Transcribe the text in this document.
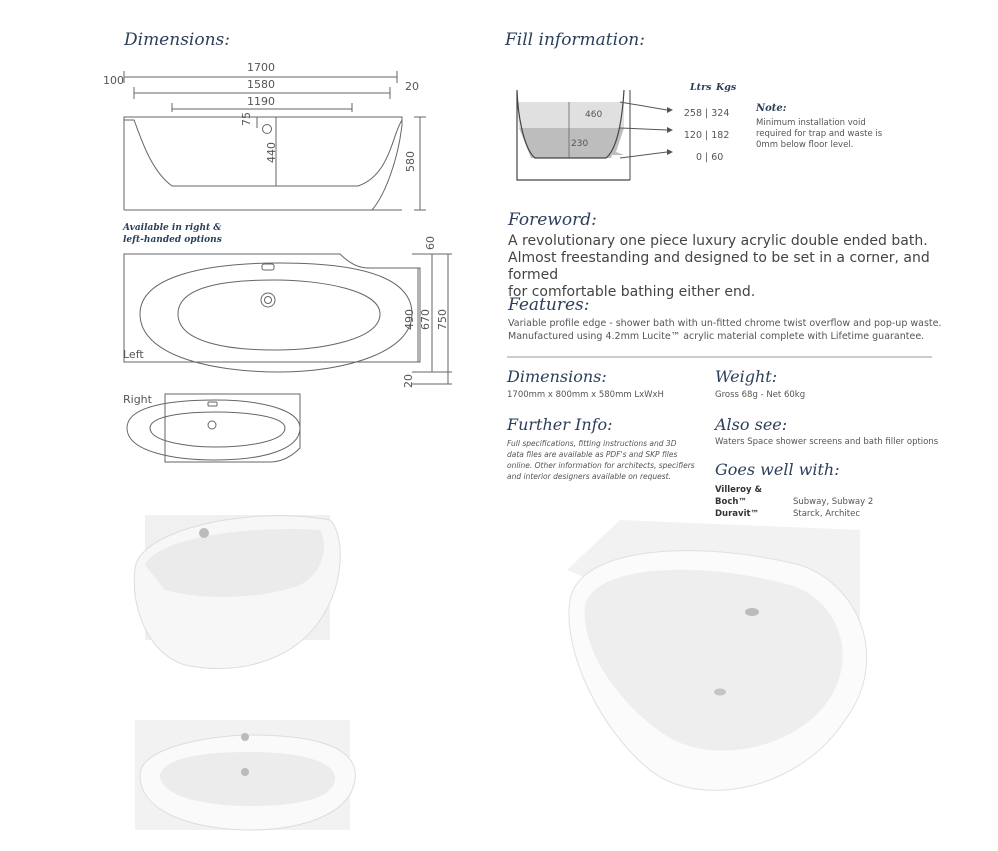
Dimensions:
1700
1580
1190
100	20
75
440	580
60
490 670 750
20
Left
Right
460
230
Available in right &
left-handed options
Fill information:
Ltrs Kgs
258 | 324
120 | 182
0 | 60
Note:
Minimum installation void
required for trap and waste is
0mm below floor level.
Foreword:
A revolutionary one piece luxury acrylic double ended bath.
Almost freestanding and designed to be set in a corner, and formed
for comfortable bathing either end.
Features:
Variable profile edge - shower bath with un-fitted chrome twist overflow and pop-up waste.
Manufactured using 4.2mm Lucite™ acrylic material complete with Lifetime guarantee.
Dimensions:
1700mm x 800mm x 580mm LxWxH
Weight:
Gross 68g - Net 60kg
Further Info:
Full specifications, fitting instructions and 3D
data files are available as PDF's and SKP files
online. Other information for architects, specifiers
and interior designers available on request.
Also see:
Waters Space shower screens and bath filler options
Goes well with:
Villeroy & Boch™	Subway, Subway 2
Duravit™	Starck, Architec
